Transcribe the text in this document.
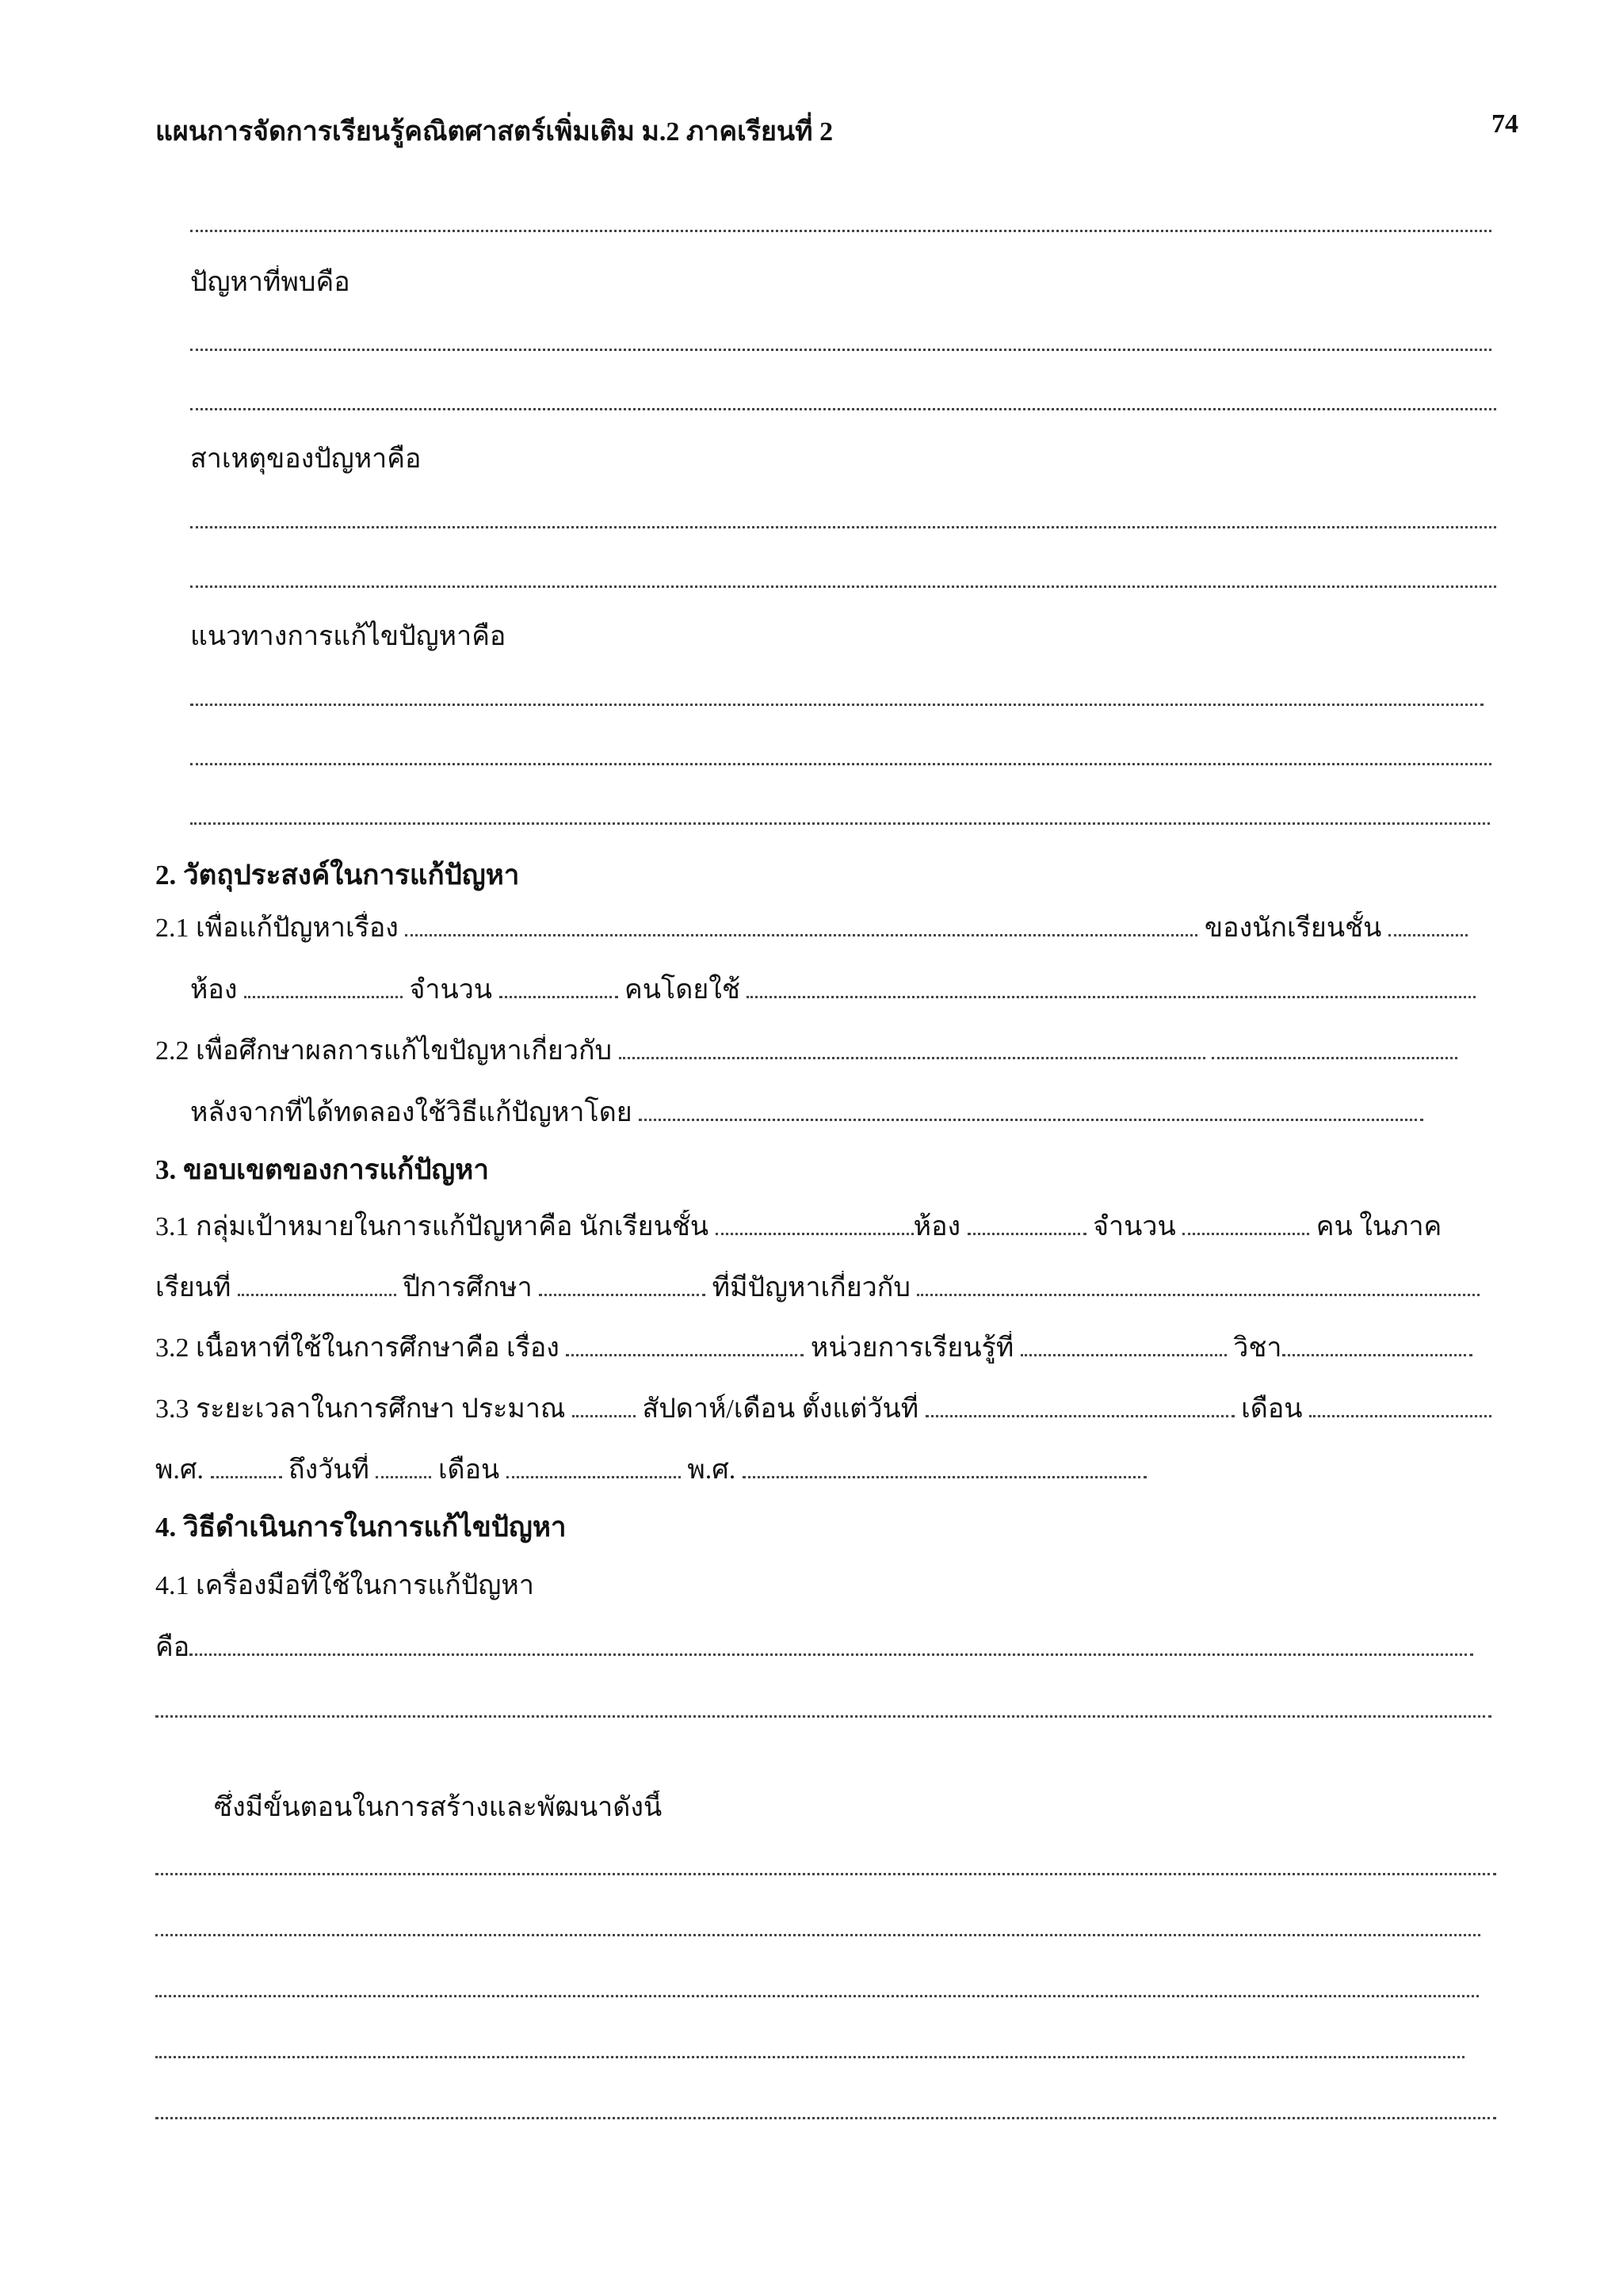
แผนการจัดการเรียนรู้คณิตศาสตร์เพิ่มเติม ม.2 ภาคเรียนที่ 2	74
ปัญหาที่พบคือ
สาเหตุของปัญหาคือ
แนวทางการแก้ไขปัญหาคือ
2. วัตถุประสงค์ในการแก้ปัญหา
2.1 เพื่อแก้ปัญหาเรื่อง	ของนักเรียนชั้น
ห้อง	จำนวน	คนโดยใช้
2.2 เพื่อศึกษาผลการแก้ไขปัญหาเกี่ยวกับ
หลังจากที่ได้ทดลองใช้วิธีแก้ปัญหาโดย
3. ขอบเขตของการแก้ปัญหา
3.1 กลุ่มเป้าหมายในการแก้ปัญหาคือ นักเรียนชั้น	ห้อง	จำนวน	คน ในภาค
เรียนที่	ปีการศึกษา	ที่มีปัญหาเกี่ยวกับ
3.2 เนื้อหาที่ใช้ในการศึกษาคือ เรื่อง	หน่วยการเรียนรู้ที่	วิชา
3.3 ระยะเวลาในการศึกษา ประมาณ	สัปดาห์/เดือน ตั้งแต่วันที่	เดือน
พ.ศ.	ถึงวันที่	เดือน	พ.ศ.
4. วิธีดำเนินการในการแก้ไขปัญหา
4.1 เครื่องมือที่ใช้ในการแก้ปัญหา
คือ
ซึ่งมีขั้นตอนในการสร้างและพัฒนาดังนี้
